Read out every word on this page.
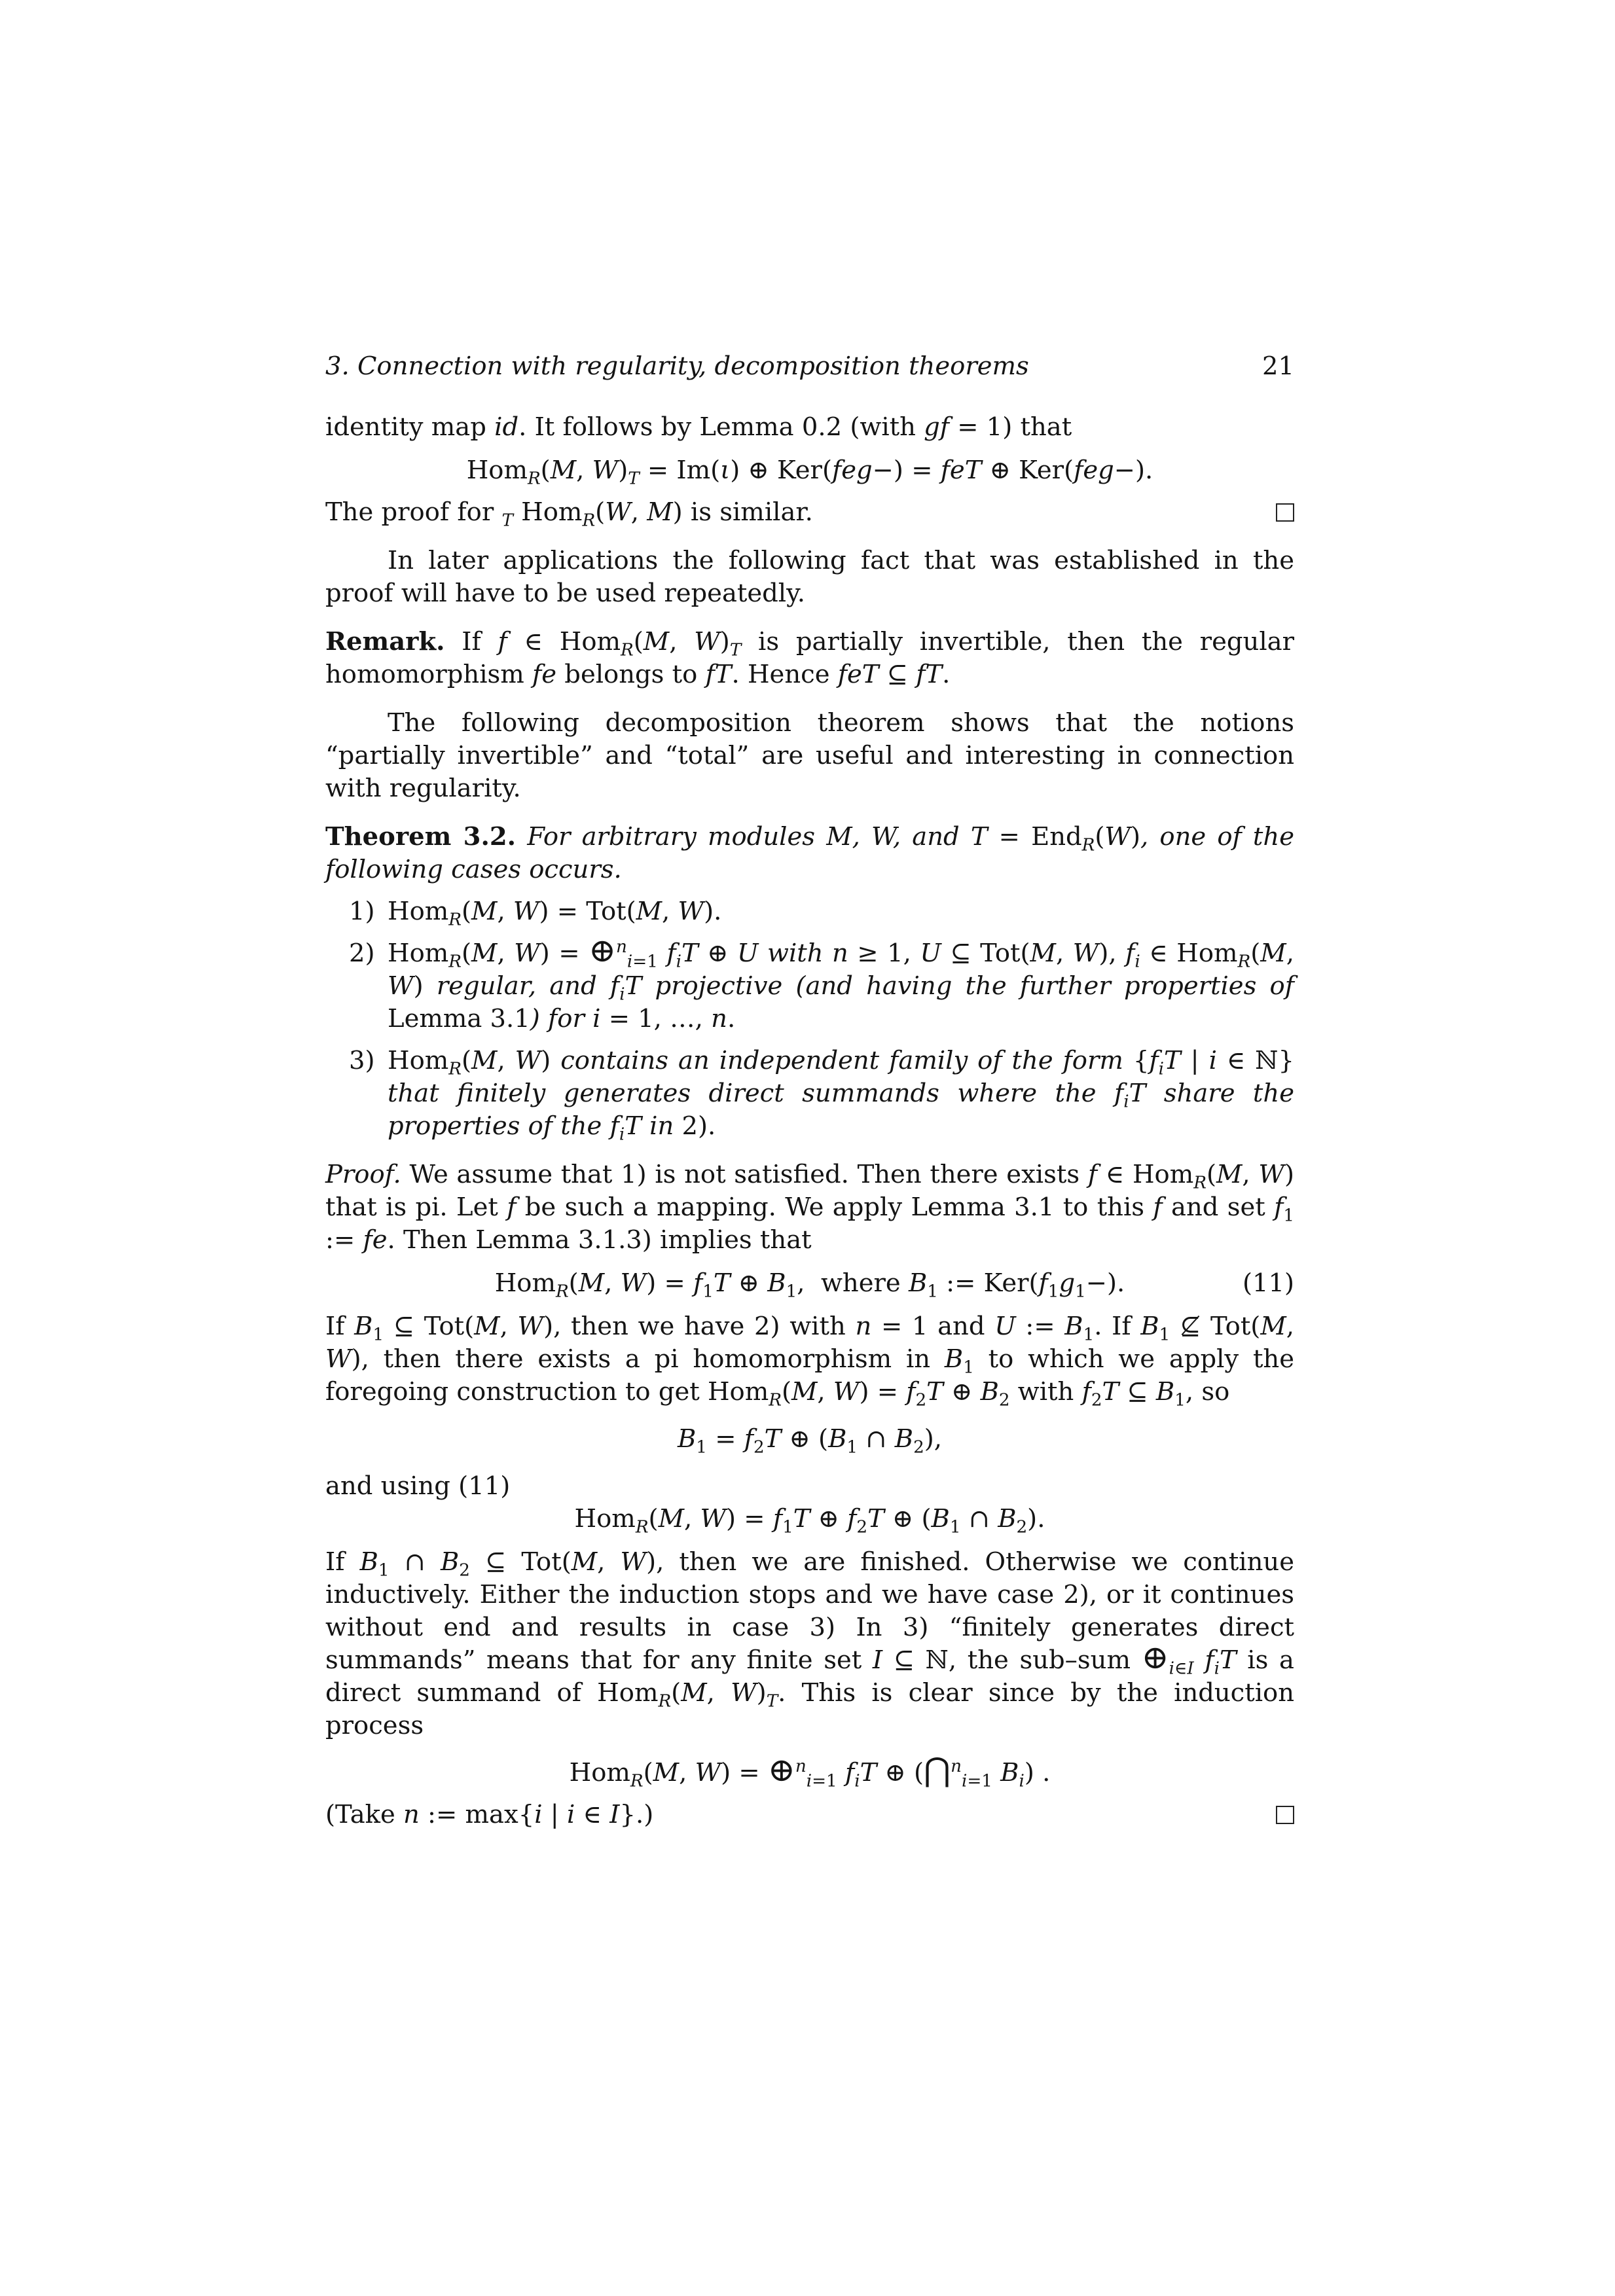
3. Connection with regularity, decomposition theorems	21

identity map id. It follows by Lemma 0.2 (with gf = 1) that

Hom$_R$(M, $W)_T = Im(\iota)$ ⊕ Ker(feg−) = feT ⊕ Ker(feg−).

The proof for $_T$ Hom$_R$(W, M) is similar.

In later applications the following fact that was established in the proof will have to be used repeatedly.

Remark. If f ∈ Hom$_R$(M, $W)_T$ is partially invertible, then the regular homomorphism fe belongs to fT. Hence feT ⊆ fT.

The following decomposition theorem shows that the notions “partially invertible” and “total” are useful and interesting in connection with regularity.

Theorem 3.2. For arbitrary modules M, W, and T = End$_R$(W), one of the following cases occurs.

1) Hom$_R$(M, W) = Tot(M, W).
2) Hom$_R$(M, W) = ⊕$^n_{i=1}$ $f_iT$ ⊕ U with n ≥ 1, U ⊆ Tot(M, W), $f_i$ ∈ Hom$_R$(M, W) regular, and $f_iT$ projective (and having the further properties of Lemma 3.1) for i = 1, …, n.
3) Hom$_R$(M, W) contains an independent family of the form {$f_iT$ | i ∈ ℕ} that finitely generates direct summands where the $f_iT$ share the properties of the $f_iT$ in 2).

Proof. We assume that 1) is not satisfied. Then there exists f ∈ Hom$_R$(M, W) that is pi. Let f be such a mapping. We apply Lemma 3.1 to this f and set $f_1$ := fe. Then Lemma 3.1.3) implies that

Hom$_R$(M, $W) = f_1T$ ⊕ $B_1$,  where $B_1$ := $Ker(f_1g_1-)$.	(11)

If $B_1$ ⊆ Tot(M, W), then we have 2) with n = 1 and U := $B_1$. If $B_1$ ⊈ Tot(M, W), then there exists a pi homomorphism in $B_1$ to which we apply the foregoing construction to get Hom$_R$(M, $W) = f_2T$ ⊕ $B_2$ with $f_2T$ ⊆ $B_1$, so

$B_1 = f_2T$ ⊕ ($B_1$ ∩ $B_2$),

and using (11)

Hom$_R$(M, $W) = f_1T$ ⊕ $f_2T$ ⊕ ($B_1$ ∩ $B_2$).

If $B_1$ ∩ $B_2$ ⊆ Tot(M, W), then we are finished. Otherwise we continue inductively. Either the induction stops and we have case 2), or it continues without end and results in case 3) In 3) “finitely generates direct summands” means that for any finite set I ⊆ ℕ, the sub–sum $\oplus_{i\in I}$ $f_iT$ is a direct summand of Hom$_R$(M, $W)_T$. This is clear since by the induction process

Hom$_R$(M, W) = ⊕$^n_{i=1}$ $f_iT$ ⊕ (⋂$^n_{i=1}$ $B_i$) .

(Take n := max{i | i ∈ I}.)
